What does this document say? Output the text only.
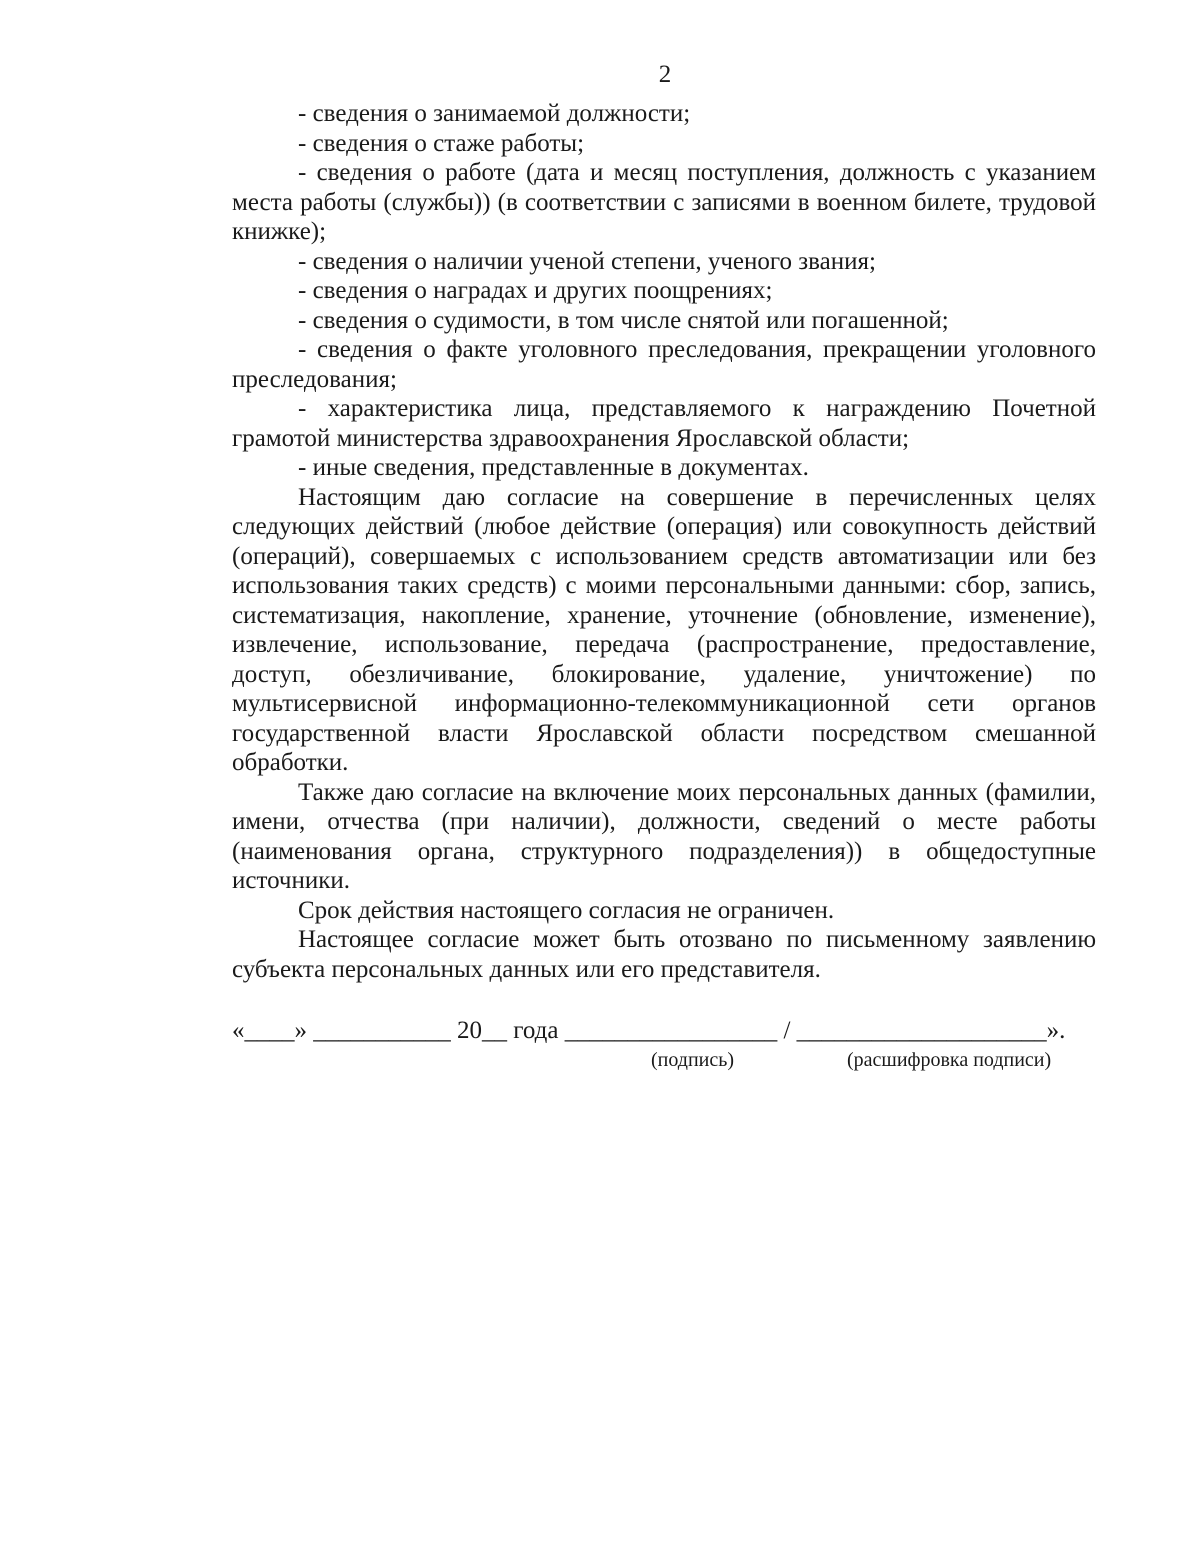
2

- сведения о занимаемой должности;

- сведения о стаже работы;

- сведения о работе (дата и месяц поступления, должность с указанием места работы (службы)) (в соответствии с записями в военном билете, трудовой книжке);

- сведения о наличии ученой степени, ученого звания;

- сведения о наградах и других поощрениях;

- сведения о судимости, в том числе снятой или погашенной;

- сведения о факте уголовного преследования, прекращении уголовного преследования;

- характеристика лица, представляемого к награждению Почетной грамотой министерства здравоохранения Ярославской области;

- иные сведения, представленные в документах.

Настоящим даю согласие на совершение в перечисленных целях следующих действий (любое действие (операция) или совокупность действий (операций), совершаемых с использованием средств автоматизации или без использования таких средств) с моими персональными данными: сбор, запись, систематизация, накопление, хранение, уточнение (обновление, изменение), извлечение, использование, передача (распространение, предоставление, доступ, обезличивание, блокирование, удаление, уничтожение) по мультисервисной информационно-телекоммуникационной сети органов государственной власти Ярославской области посредством смешанной обработки.

Также даю согласие на включение моих персональных данных (фамилии, имени, отчества (при наличии), должности, сведений о месте работы (наименования органа, структурного подразделения)) в общедоступные источники.

Срок действия настоящего согласия не ограничен.

Настоящее согласие может быть отозвано по письменному заявлению субъекта персональных данных или его представителя.

«____» ___________ 20__ года _________________ / ____________________».
(подпись)	(расшифровка подписи)
